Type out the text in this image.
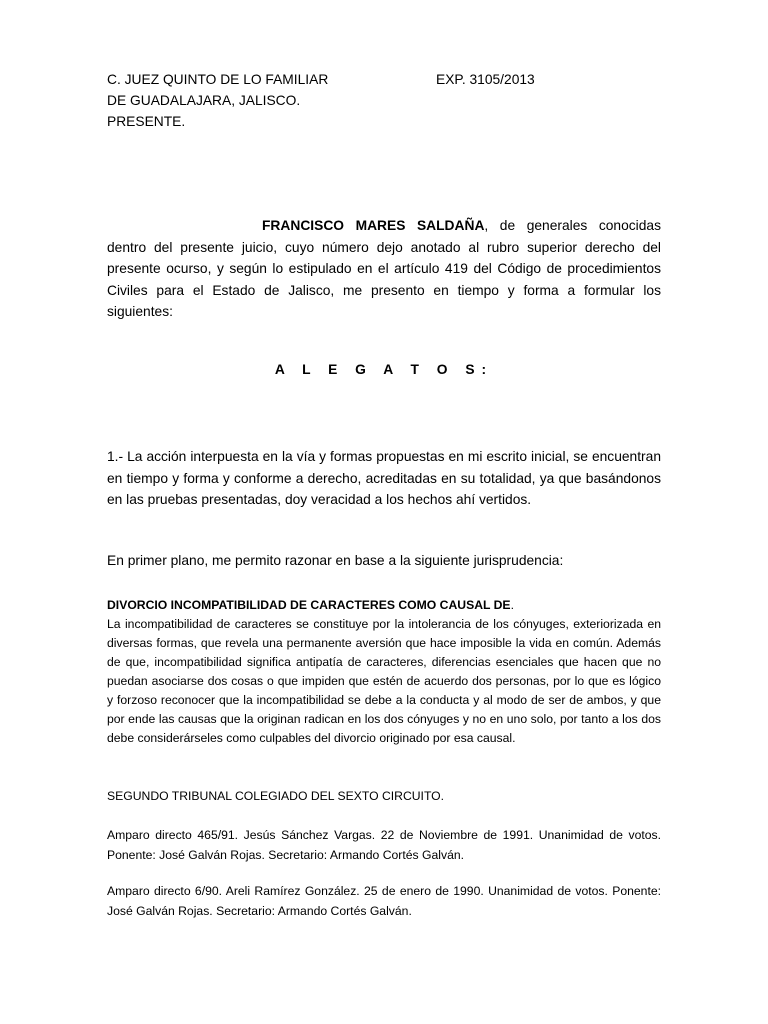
C. JUEZ QUINTO DE LO FAMILIAR

DE GUADALAJARA, JALISCO.

PRESENTE.

EXP. 3105/2013
FRANCISCO MARES SALDAÑA, de generales conocidas dentro del presente juicio, cuyo número dejo anotado al rubro superior derecho del presente ocurso, y según lo estipulado en el artículo 419 del Código de procedimientos Civiles para el Estado de Jalisco, me presento en tiempo y forma a formular los siguientes:
A L E G A T O S:
1.- La acción interpuesta en la vía y formas propuestas en mi escrito inicial, se encuentran en tiempo y forma y conforme a derecho, acreditadas en su totalidad, ya que basándonos en las pruebas presentadas, doy veracidad a los hechos ahí vertidos.
En primer plano, me permito razonar en base a la siguiente jurisprudencia:
DIVORCIO INCOMPATIBILIDAD DE CARACTERES COMO CAUSAL DE.
La incompatibilidad de caracteres se constituye por la intolerancia de los cónyuges, exteriorizada en diversas formas, que revela una permanente aversión que hace imposible la vida en común. Además de que, incompatibilidad significa antipatía de caracteres, diferencias esenciales que hacen que no puedan asociarse dos cosas o que impiden que estén de acuerdo dos personas, por lo que es lógico y forzoso reconocer que la incompatibilidad se debe a la conducta y al modo de ser de ambos, y que por ende las causas que la originan radican en los dos cónyuges y no en uno solo, por tanto a los dos debe considerárseles como culpables del divorcio originado por esa causal.
SEGUNDO TRIBUNAL COLEGIADO DEL SEXTO CIRCUITO.
Amparo directo 465/91. Jesús Sánchez Vargas. 22 de Noviembre de 1991. Unanimidad de votos. Ponente: José Galván Rojas. Secretario: Armando Cortés Galván.
Amparo directo 6/90. Areli Ramírez González. 25 de enero de 1990. Unanimidad de votos. Ponente: José Galván Rojas. Secretario: Armando Cortés Galván.
